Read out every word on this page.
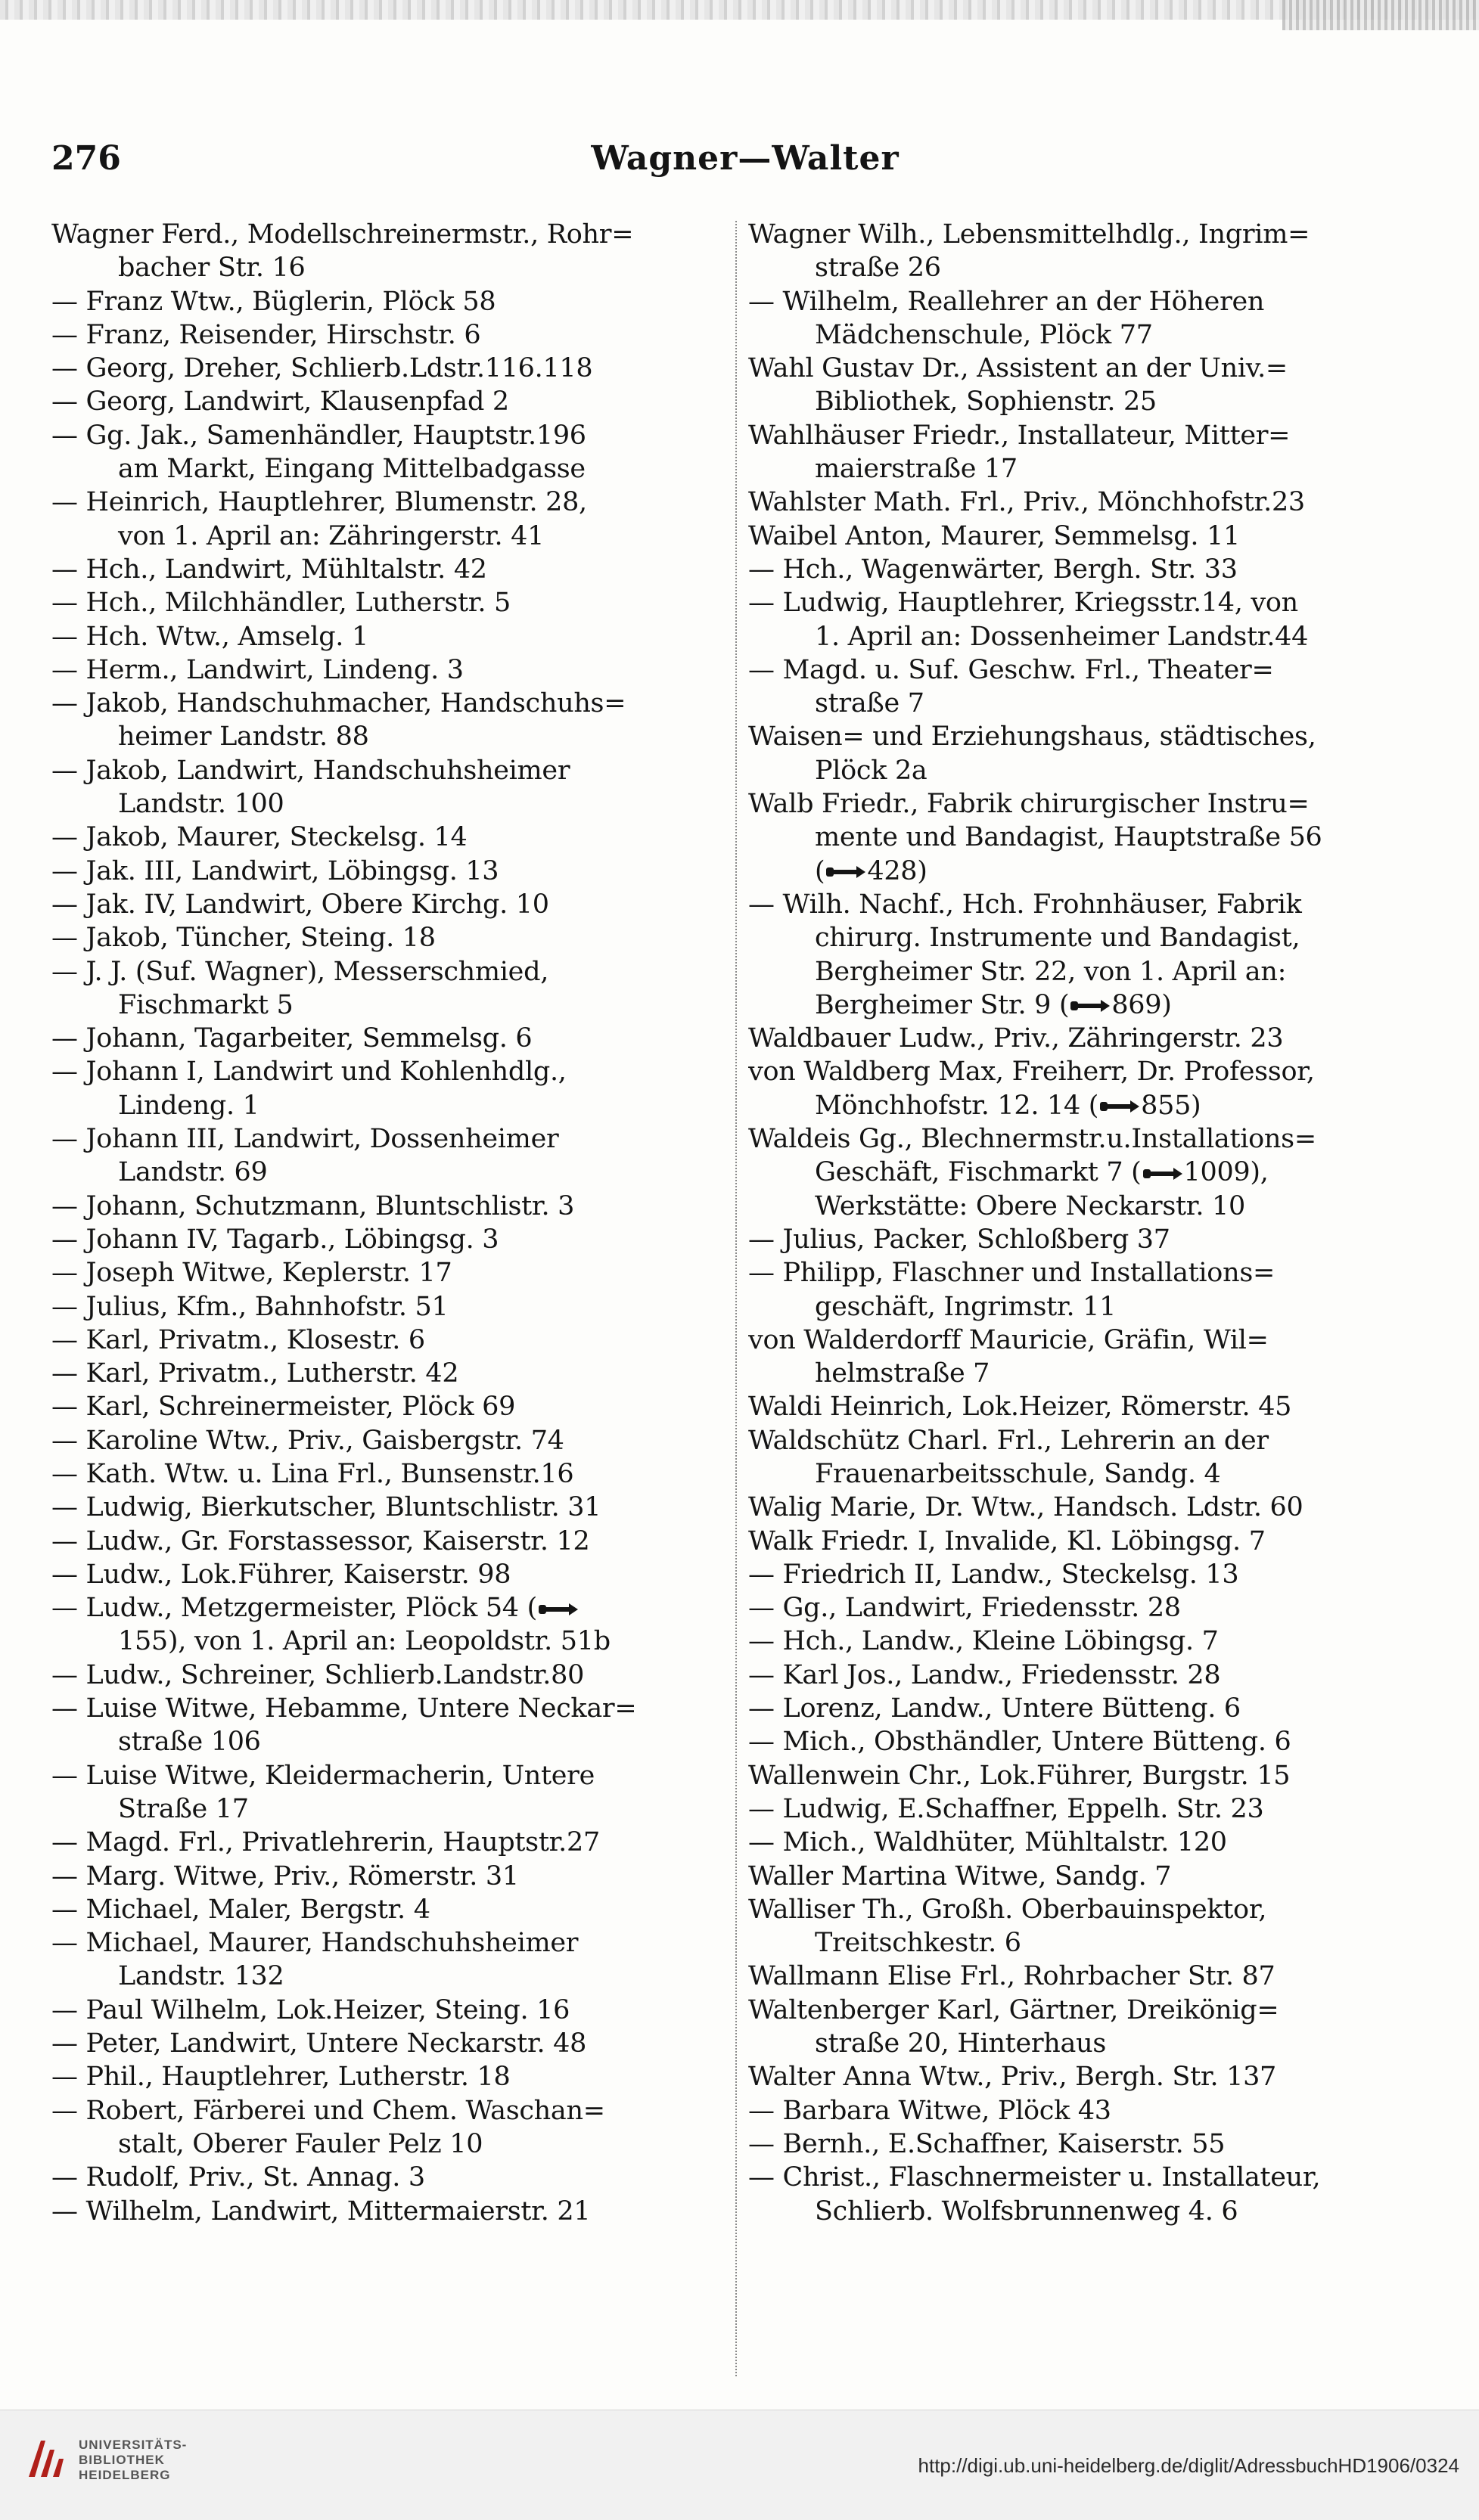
276	Wagner—Walter
Wagner Ferd., Modellschreinermstr., Rohr=
bacher Str. 16
— Franz Wtw., Büglerin, Plöck 58
— Franz, Reisender, Hirschstr. 6
— Georg, Dreher, Schlierb.Ldstr.116.118
— Georg, Landwirt, Klausenpfad 2
— Gg. Jak., Samenhändler, Hauptstr.196
am Markt, Eingang Mittelbadgasse
— Heinrich, Hauptlehrer, Blumenstr. 28,
von 1. April an: Zähringerstr. 41
— Hch., Landwirt, Mühltalstr. 42
— Hch., Milchhändler, Lutherstr. 5
— Hch. Wtw., Amselg. 1
— Herm., Landwirt, Lindeng. 3
— Jakob, Handschuhmacher, Handschuhs=
heimer Landstr. 88
— Jakob, Landwirt, Handschuhsheimer
Landstr. 100
— Jakob, Maurer, Steckelsg. 14
— Jak. III, Landwirt, Löbingsg. 13
— Jak. IV, Landwirt, Obere Kirchg. 10
— Jakob, Tüncher, Steing. 18
— J. J. (Suf. Wagner), Messerschmied,
Fischmarkt 5
— Johann, Tagarbeiter, Semmelsg. 6
— Johann I, Landwirt und Kohlenhdlg.,
Lindeng. 1
— Johann III, Landwirt, Dossenheimer
Landstr. 69
— Johann, Schutzmann, Bluntschlistr. 3
— Johann IV, Tagarb., Löbingsg. 3
— Joseph Witwe, Keplerstr. 17
— Julius, Kfm., Bahnhofstr. 51
— Karl, Privatm., Klosestr. 6
— Karl, Privatm., Lutherstr. 42
— Karl, Schreinermeister, Plöck 69
— Karoline Wtw., Priv., Gaisbergstr. 74
— Kath. Wtw. u. Lina Frl., Bunsenstr.16
— Ludwig, Bierkutscher, Bluntschlistr. 31
— Ludw., Gr. Forstassessor, Kaiserstr. 12
— Ludw., Lok.Führer, Kaiserstr. 98
— Ludw., Metzgermeister, Plöck 54 (
155), von 1. April an: Leopoldstr. 51b
— Ludw., Schreiner, Schlierb.Landstr.80
— Luise Witwe, Hebamme, Untere Neckar=
straße 106
— Luise Witwe, Kleidermacherin, Untere
Straße 17
— Magd. Frl., Privatlehrerin, Hauptstr.27
— Marg. Witwe, Priv., Römerstr. 31
— Michael, Maler, Bergstr. 4
— Michael, Maurer, Handschuhsheimer
Landstr. 132
— Paul Wilhelm, Lok.Heizer, Steing. 16
— Peter, Landwirt, Untere Neckarstr. 48
— Phil., Hauptlehrer, Lutherstr. 18
— Robert, Färberei und Chem. Waschan=
stalt, Oberer Fauler Pelz 10
— Rudolf, Priv., St. Annag. 3
— Wilhelm, Landwirt, Mittermaierstr. 21
Wagner Wilh., Lebensmittelhdlg., Ingrim=
straße 26
— Wilhelm, Reallehrer an der Höheren
Mädchenschule, Plöck 77
Wahl Gustav Dr., Assistent an der Univ.=
Bibliothek, Sophienstr. 25
Wahlhäuser Friedr., Installateur, Mitter=
maierstraße 17
Wahlster Math. Frl., Priv., Mönchhofstr.23
Waibel Anton, Maurer, Semmelsg. 11
— Hch., Wagenwärter, Bergh. Str. 33
— Ludwig, Hauptlehrer, Kriegsstr.14, von
1. April an: Dossenheimer Landstr.44
— Magd. u. Suf. Geschw. Frl., Theater=
straße 7
Waisen= und Erziehungshaus, städtisches,
Plöck 2a
Walb Friedr., Fabrik chirurgischer Instru=
mente und Bandagist, Hauptstraße 56
( 428)
— Wilh. Nachf., Hch. Frohnhäuser, Fabrik
chirurg. Instrumente und Bandagist,
Bergheimer Str. 22, von 1. April an:
Bergheimer Str. 9 ( 869)
Waldbauer Ludw., Priv., Zähringerstr. 23
von Waldberg Max, Freiherr, Dr. Professor,
Mönchhofstr. 12. 14 ( 855)
Waldeis Gg., Blechnermstr.u.Installations=
Geschäft, Fischmarkt 7 ( 1009),
Werkstätte: Obere Neckarstr. 10
— Julius, Packer, Schloßberg 37
— Philipp, Flaschner und Installations=
geschäft, Ingrimstr. 11
von Walderdorff Mauricie, Gräfin, Wil=
helmstraße 7
Waldi Heinrich, Lok.Heizer, Römerstr. 45
Waldschütz Charl. Frl., Lehrerin an der
Frauenarbeitsschule, Sandg. 4
Walig Marie, Dr. Wtw., Handsch. Ldstr. 60
Walk Friedr. I, Invalide, Kl. Löbingsg. 7
— Friedrich II, Landw., Steckelsg. 13
— Gg., Landwirt, Friedensstr. 28
— Hch., Landw., Kleine Löbingsg. 7
— Karl Jos., Landw., Friedensstr. 28
— Lorenz, Landw., Untere Bütteng. 6
— Mich., Obsthändler, Untere Bütteng. 6
Wallenwein Chr., Lok.Führer, Burgstr. 15
— Ludwig, E.Schaffner, Eppelh. Str. 23
— Mich., Waldhüter, Mühltalstr. 120
Waller Martina Witwe, Sandg. 7
Walliser Th., Großh. Oberbauinspektor,
Treitschkestr. 6
Wallmann Elise Frl., Rohrbacher Str. 87
Waltenberger Karl, Gärtner, Dreikönig=
straße 20, Hinterhaus
Walter Anna Wtw., Priv., Bergh. Str. 137
— Barbara Witwe, Plöck 43
— Bernh., E.Schaffner, Kaiserstr. 55
— Christ., Flaschnermeister u. Installateur,
Schlierb. Wolfsbrunnenweg 4. 6
UNIVERSITÄTS-
BIBLIOTHEK
HEIDELBERG	http://digi.ub.uni-heidelberg.de/diglit/AdressbuchHD1906/0324
